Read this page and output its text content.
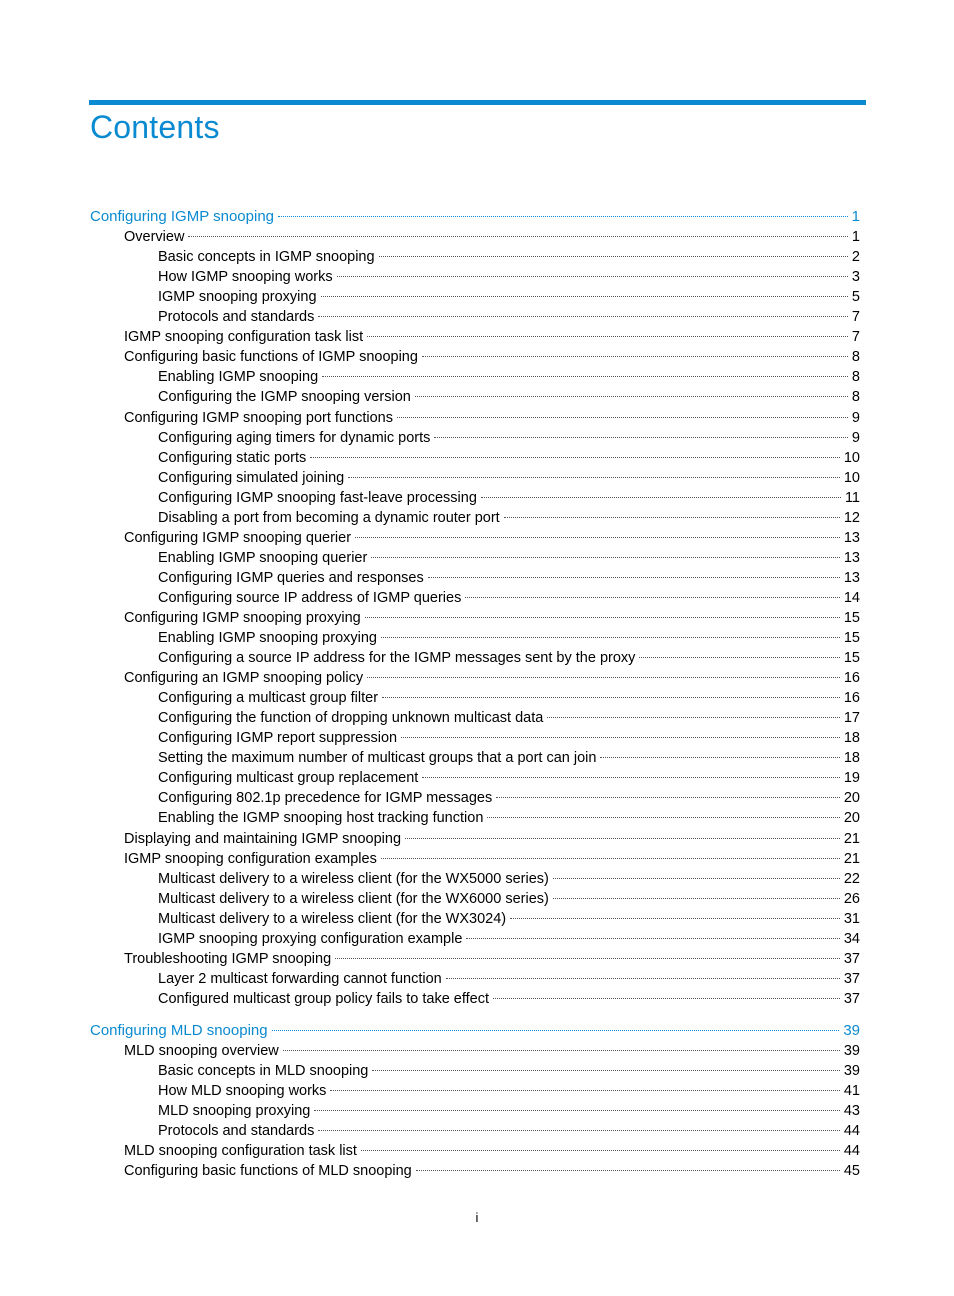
Contents
Configuring IGMP snooping	1
Overview	1
Basic concepts in IGMP snooping	2
How IGMP snooping works	3
IGMP snooping proxying	5
Protocols and standards	7
IGMP snooping configuration task list	7
Configuring basic functions of IGMP snooping	8
Enabling IGMP snooping	8
Configuring the IGMP snooping version	8
Configuring IGMP snooping port functions	9
Configuring aging timers for dynamic ports	9
Configuring static ports	10
Configuring simulated joining	10
Configuring IGMP snooping fast-leave processing	11
Disabling a port from becoming a dynamic router port	12
Configuring IGMP snooping querier	13
Enabling IGMP snooping querier	13
Configuring IGMP queries and responses	13
Configuring source IP address of IGMP queries	14
Configuring IGMP snooping proxying	15
Enabling IGMP snooping proxying	15
Configuring a source IP address for the IGMP messages sent by the proxy	15
Configuring an IGMP snooping policy	16
Configuring a multicast group filter	16
Configuring the function of dropping unknown multicast data	17
Configuring IGMP report suppression	18
Setting the maximum number of multicast groups that a port can join	18
Configuring multicast group replacement	19
Configuring 802.1p precedence for IGMP messages	20
Enabling the IGMP snooping host tracking function	20
Displaying and maintaining IGMP snooping	21
IGMP snooping configuration examples	21
Multicast delivery to a wireless client (for the WX5000 series)	22
Multicast delivery to a wireless client (for the WX6000 series)	26
Multicast delivery to a wireless client (for the WX3024)	31
IGMP snooping proxying configuration example	34
Troubleshooting IGMP snooping	37
Layer 2 multicast forwarding cannot function	37
Configured multicast group policy fails to take effect	37
Configuring MLD snooping	39
MLD snooping overview	39
Basic concepts in MLD snooping	39
How MLD snooping works	41
MLD snooping proxying	43
Protocols and standards	44
MLD snooping configuration task list	44
Configuring basic functions of MLD snooping	45
i
